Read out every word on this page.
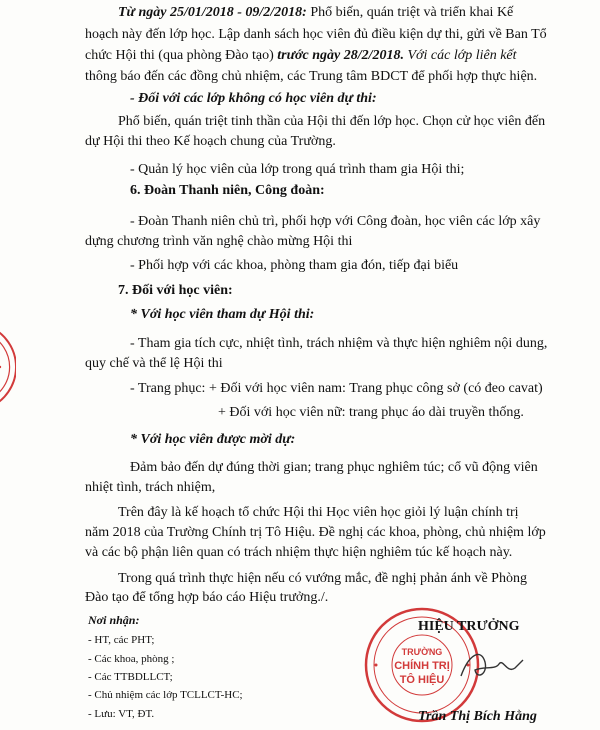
Từ ngày 25/01/2018 - 09/2/2018: Phổ biến, quán triệt và triển khai Kế
hoạch này đến lớp học. Lập danh sách học viên đủ điều kiện dự thi, gửi về Ban Tổ
chức Hội thi (qua phòng Đào tạo) trước ngày 28/2/2018. Với các lớp liên kết
thông báo đến các đồng chủ nhiệm, các Trung tâm BDCT để phối hợp thực hiện.
- Đối với các lớp không có học viên dự thi:
Phổ biến, quán triệt tinh thần của Hội thi đến lớp học. Chọn cử học viên đến
dự Hội thi theo Kế hoạch chung của Trường.
- Quản lý học viên của lớp trong quá trình tham gia Hội thi;
6. Đoàn Thanh niên, Công đoàn:
- Đoàn Thanh niên chủ trì, phối hợp với Công đoàn, học viên các lớp xây
dựng chương trình văn nghệ chào mừng Hội thi
- Phối hợp với các khoa, phòng tham gia đón, tiếp đại biểu
7. Đối với học viên:
* Với học viên tham dự Hội thi:
- Tham gia tích cực, nhiệt tình, trách nhiệm và thực hiện nghiêm nội dung,
quy chế và thể lệ Hội thi
- Trang phục: + Đối với học viên nam: Trang phục công sở (có đeo cavat)
+ Đối với học viên nữ: trang phục áo dài truyền thống.
* Với học viên được mời dự:
Đảm bảo đến dự đúng thời gian; trang phục nghiêm túc; cổ vũ động viên
nhiệt tình, trách nhiệm,
Trên đây là kế hoạch tổ chức Hội thi Học viên học giỏi lý luận chính trị
năm 2018 của Trường Chính trị Tô Hiệu. Đề nghị các khoa, phòng, chủ nhiệm lớp
và các bộ phận liên quan có trách nhiệm thực hiện nghiêm túc kế hoạch này.
Trong quá trình thực hiện nếu có vướng mắc, đề nghị phản ánh về Phòng
Đào tạo để tổng hợp báo cáo Hiệu trưởng./.
Nơi nhận:
- HT, các PHT;
- Các khoa, phòng ;
- Các TTBDLLCT;
- Chủ nhiệm các lớp TCLLCT-HC;
- Lưu: VT, ĐT.
TRƯỜNG
CHÍNH TRỊ
TÔ HIỆU
HIỆU TRƯỞNG
Trần Thị Bích Hằng
